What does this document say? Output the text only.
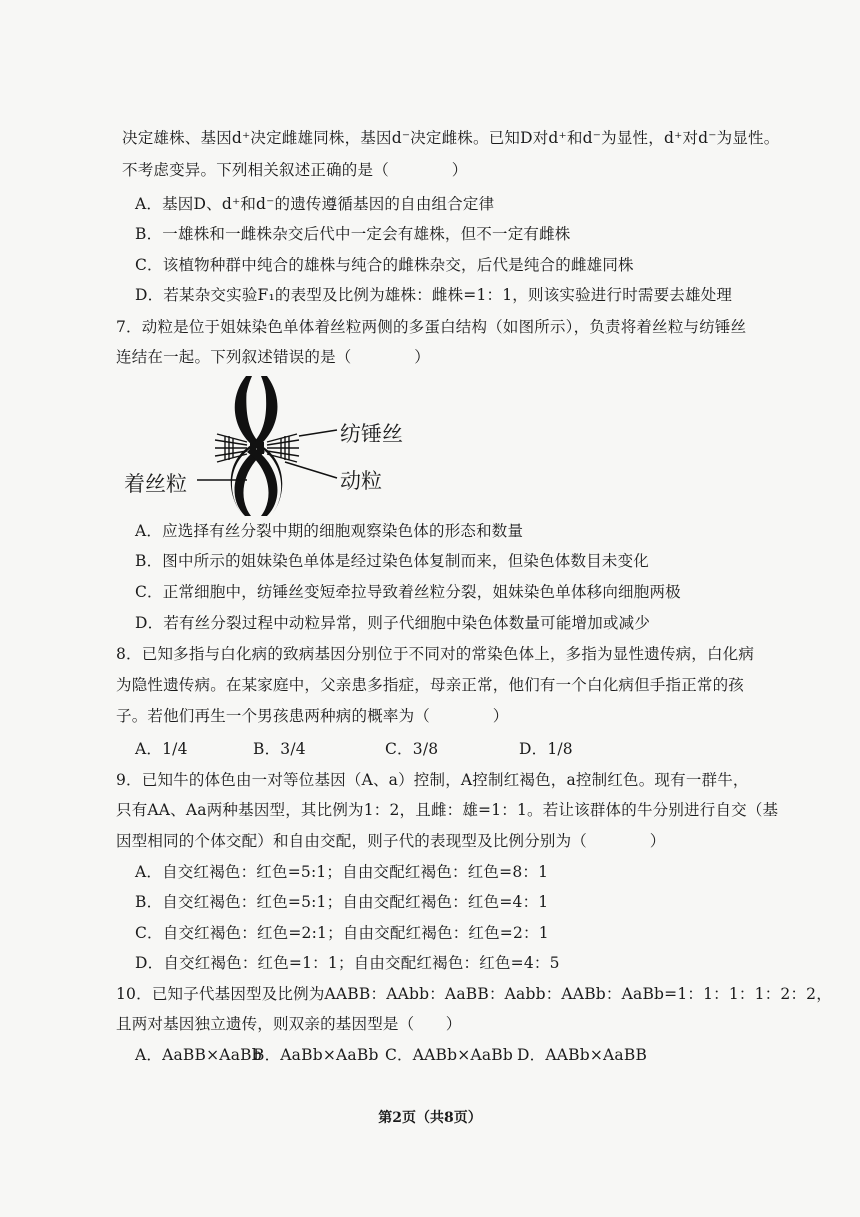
决定雄株、基因d⁺决定雌雄同株，基因d⁻决定雌株。已知D对d⁺和d⁻为显性，d⁺对d⁻为显性。
不考虑变异。下列相关叙述正确的是（　　　　）
A．基因D、d⁺和d⁻的遗传遵循基因的自由组合定律
B．一雄株和一雌株杂交后代中一定会有雄株，但不一定有雌株
C．该植物种群中纯合的雄株与纯合的雌株杂交，后代是纯合的雌雄同株
D．若某杂交实验F₁的表型及比例为雄株：雌株=1：1，则该实验进行时需要去雄处理
7．动粒是位于姐妹染色单体着丝粒两侧的多蛋白结构（如图所示），负责将着丝粒与纺锤丝
连结在一起。下列叙述错误的是（　　　　）
纺锤丝
动粒
着丝粒
A．应选择有丝分裂中期的细胞观察染色体的形态和数量
B．图中所示的姐妹染色单体是经过染色体复制而来，但染色体数目未变化
C．正常细胞中，纺锤丝变短牵拉导致着丝粒分裂，姐妹染色单体移向细胞两极
D．若有丝分裂过程中动粒异常，则子代细胞中染色体数量可能增加或减少
8．已知多指与白化病的致病基因分别位于不同对的常染色体上，多指为显性遗传病，白化病
为隐性遗传病。在某家庭中，父亲患多指症，母亲正常，他们有一个白化病但手指正常的孩
子。若他们再生一个男孩患两种病的概率为（　　　　）
A．1/4	B．3/4	C．3/8	D．1/8
9．已知牛的体色由一对等位基因（A、a）控制，A控制红褐色，a控制红色。现有一群牛，
只有AA、Aa两种基因型，其比例为1：2，且雌：雄=1：1。若让该群体的牛分别进行自交（基
因型相同的个体交配）和自由交配，则子代的表现型及比例分别为（　　　　）
A．自交红褐色：红色=5:1；自由交配红褐色：红色=8：1
B．自交红褐色：红色=5:1；自由交配红褐色：红色=4：1
C．自交红褐色：红色=2:1；自由交配红褐色：红色=2：1
D．自交红褐色：红色=1：1；自由交配红褐色：红色=4：5
10．已知子代基因型及比例为AABB：AAbb：AaBB：Aabb：AABb：AaBb=1：1：1：1：2：2，
且两对基因独立遗传，则双亲的基因型是（　　）
A．AaBB×AaBbB．AaBb×AaBb C．AABb×AaBb D．AABb×AaBB
第2页（共8页）
